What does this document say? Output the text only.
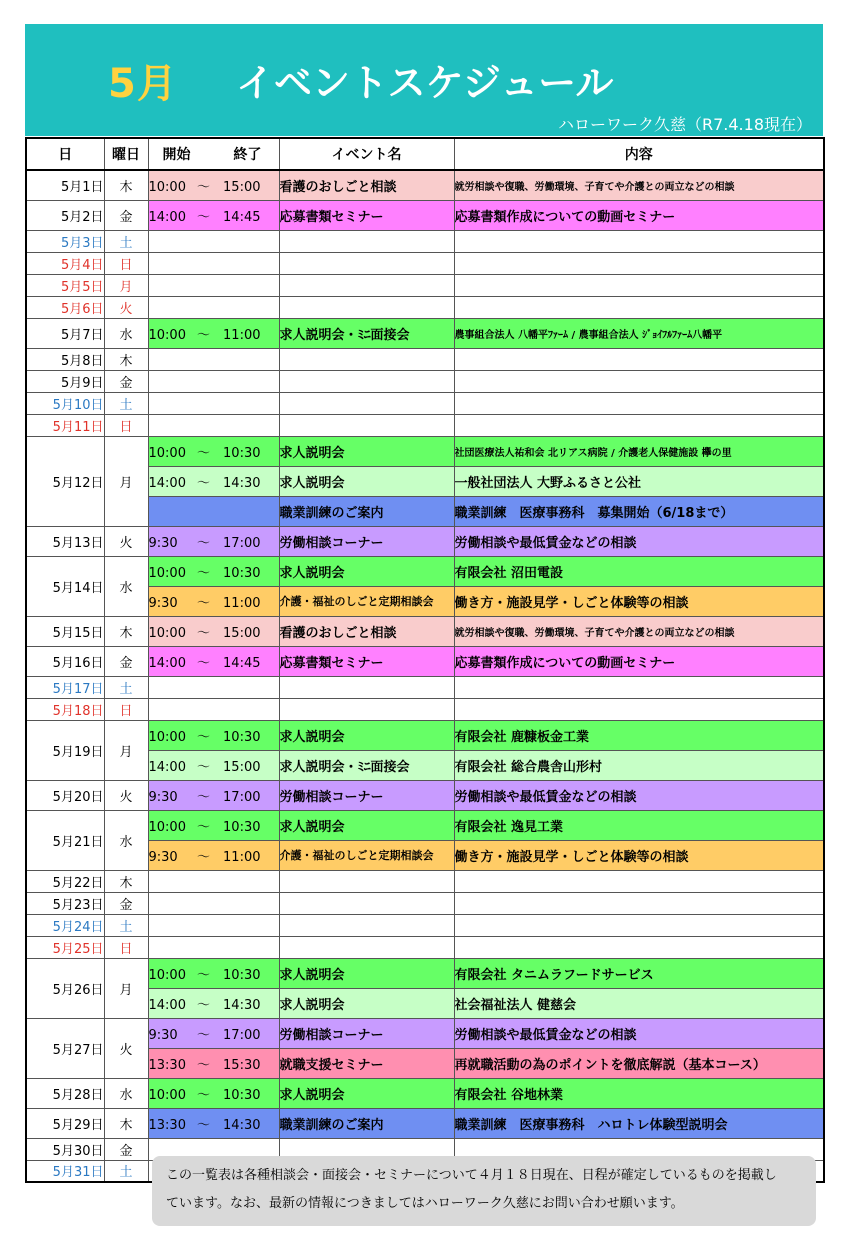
5月 イベントスケジュール
ハローワーク久慈（R7.4.18現在）
日	曜日	開始 終了	イベント名	内容
5月1日	木	10:00 ～ 15:00	看護のおしごと相談	就労相談や復職、労働環境、子育てや介護との両立などの相談
5月2日	金	14:00 ～ 14:45	応募書類セミナー	応募書類作成についての動画セミナー
5月3日	土			
5月4日	日			
5月5日	月			
5月6日	火			
5月7日	水	10:00 ～ 11:00	求人説明会・ﾐﾆ面接会	農事組合法人 八幡平ﾌｧｰﾑ / 農事組合法人 ｼﾞｮｲﾌﾙﾌｧｰﾑ八幡平
5月8日	木			
5月9日	金			
5月10日	土			
5月11日	日			
5月12日	月	10:00 ～ 10:30	求人説明会	社団医療法人祐和会 北リアス病院 / 介護老人保健施設 欅の里
		14:00 ～ 14:30	求人説明会	一般社団法人 大野ふるさと公社
			職業訓練のご案内	職業訓練　医療事務科　募集開始（6/18まで）
5月13日	火	9:30 ～ 17:00	労働相談コーナー	労働相談や最低賃金などの相談
5月14日	水	10:00 ～ 10:30	求人説明会	有限会社 沼田電設
		9:30 ～ 11:00	介護・福祉のしごと定期相談会	働き方・施設見学・しごと体験等の相談
5月15日	木	10:00 ～ 15:00	看護のおしごと相談	就労相談や復職、労働環境、子育てや介護との両立などの相談
5月16日	金	14:00 ～ 14:45	応募書類セミナー	応募書類作成についての動画セミナー
5月17日	土			
5月18日	日			
5月19日	月	10:00 ～ 10:30	求人説明会	有限会社 鹿糠板金工業
		14:00 ～ 15:00	求人説明会・ﾐﾆ面接会	有限会社 総合農舎山形村
5月20日	火	9:30 ～ 17:00	労働相談コーナー	労働相談や最低賃金などの相談
5月21日	水	10:00 ～ 10:30	求人説明会	有限会社 逸見工業
		9:30 ～ 11:00	介護・福祉のしごと定期相談会	働き方・施設見学・しごと体験等の相談
5月22日	木			
5月23日	金			
5月24日	土			
5月25日	日			
5月26日	月	10:00 ～ 10:30	求人説明会	有限会社 タニムラフードサービス
		14:00 ～ 14:30	求人説明会	社会福祉法人 健慈会
5月27日	火	9:30 ～ 17:00	労働相談コーナー	労働相談や最低賃金などの相談
		13:30 ～ 15:30	就職支援セミナー	再就職活動の為のポイントを徹底解説（基本コース）
5月28日	水	10:00 ～ 10:30	求人説明会	有限会社 谷地林業
5月29日	木	13:30 ～ 14:30	職業訓練のご案内	職業訓練　医療事務科　ハロトレ体験型説明会
5月30日	金			
5月31日	土				この一覧表は各種相談会・面接会・セミナーについて４月１８日現在、日程が確定しているものを掲載し
ています。なお、最新の情報につきましてはハローワーク久慈にお問い合わせ願います。
